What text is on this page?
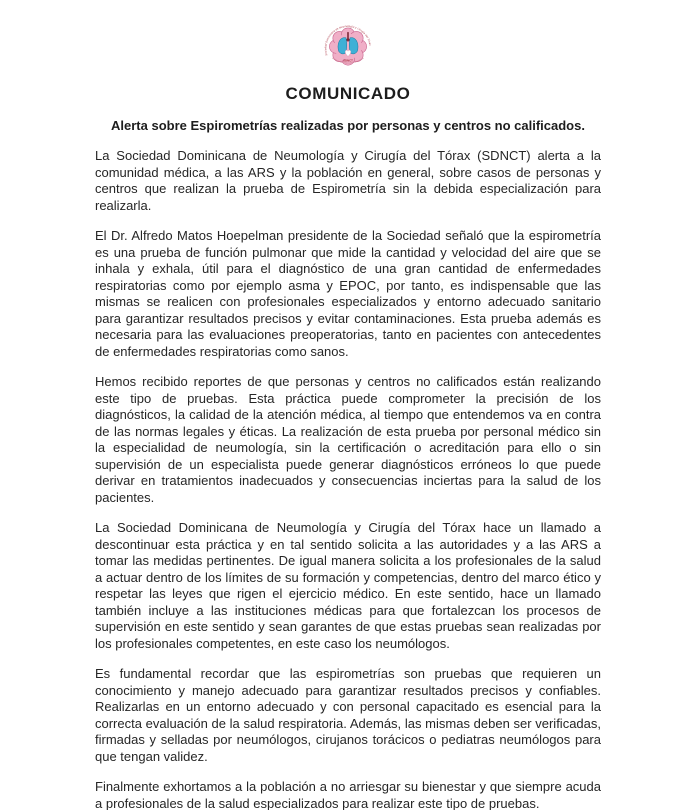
SDNCT
Sociedad Dominicana de Neumología y Cirugía del Tórax
COMUNICADO
Alerta sobre Espirometrías realizadas por personas y centros no calificados.

La Sociedad Dominicana de Neumología y Cirugía del Tórax (SDNCT) alerta a la comunidad médica, a las ARS y la población en general, sobre casos de personas y centros que realizan la prueba de Espirometría sin la debida especialización para realizarla.

El Dr. Alfredo Matos Hoepelman presidente de la Sociedad señaló que la espirometría es una prueba de función pulmonar que mide la cantidad y velocidad del aire que se inhala y exhala, útil para el diagnóstico de una gran cantidad de enfermedades respiratorias como por ejemplo asma y EPOC, por tanto, es indispensable que las mismas se realicen con profesionales especializados y entorno adecuado sanitario para garantizar resultados precisos y evitar contaminaciones. Esta prueba además es necesaria para las evaluaciones preoperatorias, tanto en pacientes con antecedentes de enfermedades respiratorias como sanos.

Hemos recibido reportes de que personas y centros no calificados están realizando este tipo de pruebas. Esta práctica puede comprometer la precisión de los diagnósticos, la calidad de la atención médica, al tiempo que entendemos va en contra de las normas legales y éticas. La realización de esta prueba por personal médico sin la especialidad de neumología, sin la certificación o acreditación para ello o sin supervisión de un especialista puede generar diagnósticos erróneos lo que puede derivar en tratamientos inadecuados y consecuencias inciertas para la salud de los pacientes.

La Sociedad Dominicana de Neumología y Cirugía del Tórax hace un llamado a descontinuar esta práctica y en tal sentido solicita a las autoridades y a las ARS a tomar las medidas pertinentes. De igual manera solicita a los profesionales de la salud a actuar dentro de los límites de su formación y competencias, dentro del marco ético y respetar las leyes que rigen el ejercicio médico. En este sentido, hace un llamado también incluye a las instituciones médicas para que fortalezcan los procesos de supervisión en este sentido y sean garantes de que estas pruebas sean realizadas por los profesionales competentes, en este caso los neumólogos.

Es fundamental recordar que las espirometrías son pruebas que requieren un conocimiento y manejo adecuado para garantizar resultados precisos y confiables. Realizarlas en un entorno adecuado y con personal capacitado es esencial para la correcta evaluación de la salud respiratoria. Además, las mismas deben ser verificadas, firmadas y selladas por neumólogos, cirujanos torácicos o pediatras neumólogos para que tengan validez.

Finalmente exhortamos a la población a no arriesgar su bienestar y que siempre acuda a profesionales de la salud especializados para realizar este tipo de pruebas.
